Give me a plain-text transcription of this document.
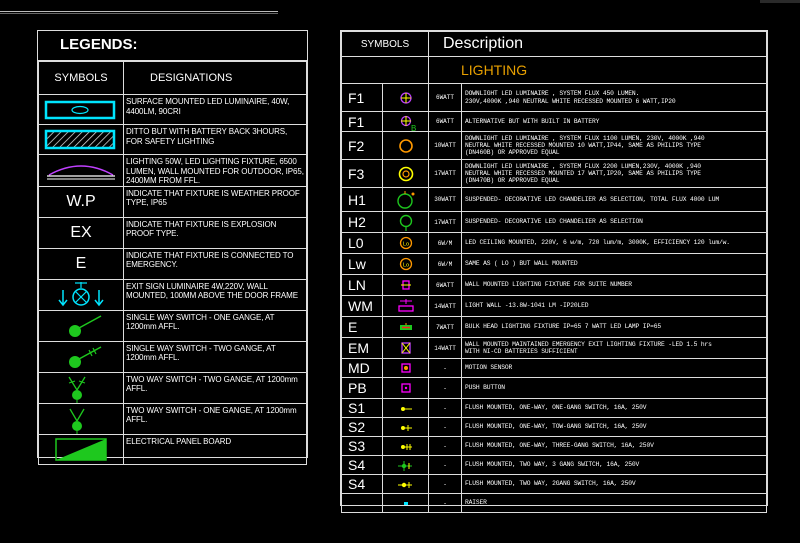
LEGENDS:
SYMBOLS	DESIGNATIONS

	SURFACE MOUNTED LED LUMINAIRE, 40W, 4400LM, 90CRI

	DITTO BUT WITH BATTERY BACK 3HOURS, FOR SAFETY LIGHTING

	LIGHTING 50W, LED LIGHTING FIXTURE, 6500 LUMEN, WALL MOUNTED FOR OUTDOOR, IP65, 2400MM FROM FFL.
W.P	INDICATE THAT FIXTURE IS WEATHER PROOF TYPE, IP65
EX	INDICATE THAT FIXTURE IS EXPLOSION PROOF TYPE.
E	INDICATE THAT FIXTURE IS CONNECTED TO EMERGENCY.

	EXIT SIGN LUMINAIRE 4W,220V, WALL MOUNTED, 100MM ABOVE THE DOOR FRAME

	SINGLE WAY SWITCH - ONE GANGE, AT 1200mm AFFL.

	SINGLE WAY SWITCH - TWO GANGE, AT 1200mm AFFL.

	TWO WAY SWITCH - TWO GANGE, AT 1200mm AFFL.

	TWO WAY SWITCH - ONE GANGE, AT 1200mm AFFL.

	ELECTRICAL PANEL BOARD
SYMBOLS		Description	
		LIGHTING	
F1		6WATT	DOWNLIGHT LED LUMINAIRE , SYSTEM FLUX 450 LUMEN.
230V,4000K ,940 NEUTRAL WHITE RECESSED MOUNTED 6 WATT,IP20
F1	B	6WATT	ALTERNATIVE BUT WITH BUILT IN BATTERY
F2		10WATT	DOWNLIGHT LED LUMINAIRE , SYSTEM FLUX 1100 LUMEN, 230V, 4000K ,940
NEUTRAL WHITE RECESSED MOUNTED 10 WATT,IP44, SAME AS PHILIPS TYPE
(DN460B) OR APPROVED EQUAL
F3		17WATT	DOWNLIGHT LED LUMINAIRE , SYSTEM FLUX 2200 LUMEN,230V, 4000K ,940
NEUTRAL WHITE RECESSED MOUNTED 17 WATT,IP20, SAME AS PHILIPS TYPE
(DN470B) OR APPROVED EQUAL
H1		30WATT	SUSPENDED- DECORATIVE LED CHANDELIER AS SELECTION, TOTAL FLUX 4000 LUM
H2		17WATT	SUSPENDED- DECORATIVE LED CHANDELIER AS SELECTION
L0	Lo	6W/M	LED CEILING MOUNTED, 220V, 6 w/m, 720 lum/m, 3000K, EFFICIENCY 120 lum/w.
Lw	Lo	6W/M	SAME AS ( LO ) BUT WALL MOUNTED
LN		6WATT	WALL MOUNTED LIGHTING FIXTURE FOR SUITE NUMBER
WM		14WATT	LIGHT WALL -13.8W-1041 LM -IP20LED
E		7WATT	BULK HEAD LIGHTING FIXTURE IP=65 7 WATT LED LAMP IP=65
EM		14WATT	WALL MOUNTED MAINTAINED EMERGENCY EXIT LIGHTING FIXTURE -LED 1.5 hrs
WITH NI-CD BATTERIES SUFFICIENT
MD		-	MOTION SENSOR
PB		-	PUSH BUTTON
S1		-	FLUSH MOUNTED, ONE-WAY, ONE-GANG SWITCH, 16A, 250V
S2		-	FLUSH MOUNTED, ONE-WAY, TOW-GANG SWITCH, 16A, 250V
S3		-	FLUSH MOUNTED, ONE-WAY, THREE-GANG SWITCH, 16A, 250V
S4		-	FLUSH MOUNTED, TWO WAY, 3 GANG SWITCH, 16A, 250V
S4		-	FLUSH MOUNTED, TWO WAY, 2GANG SWITCH, 16A, 250V

	-	RAISER
